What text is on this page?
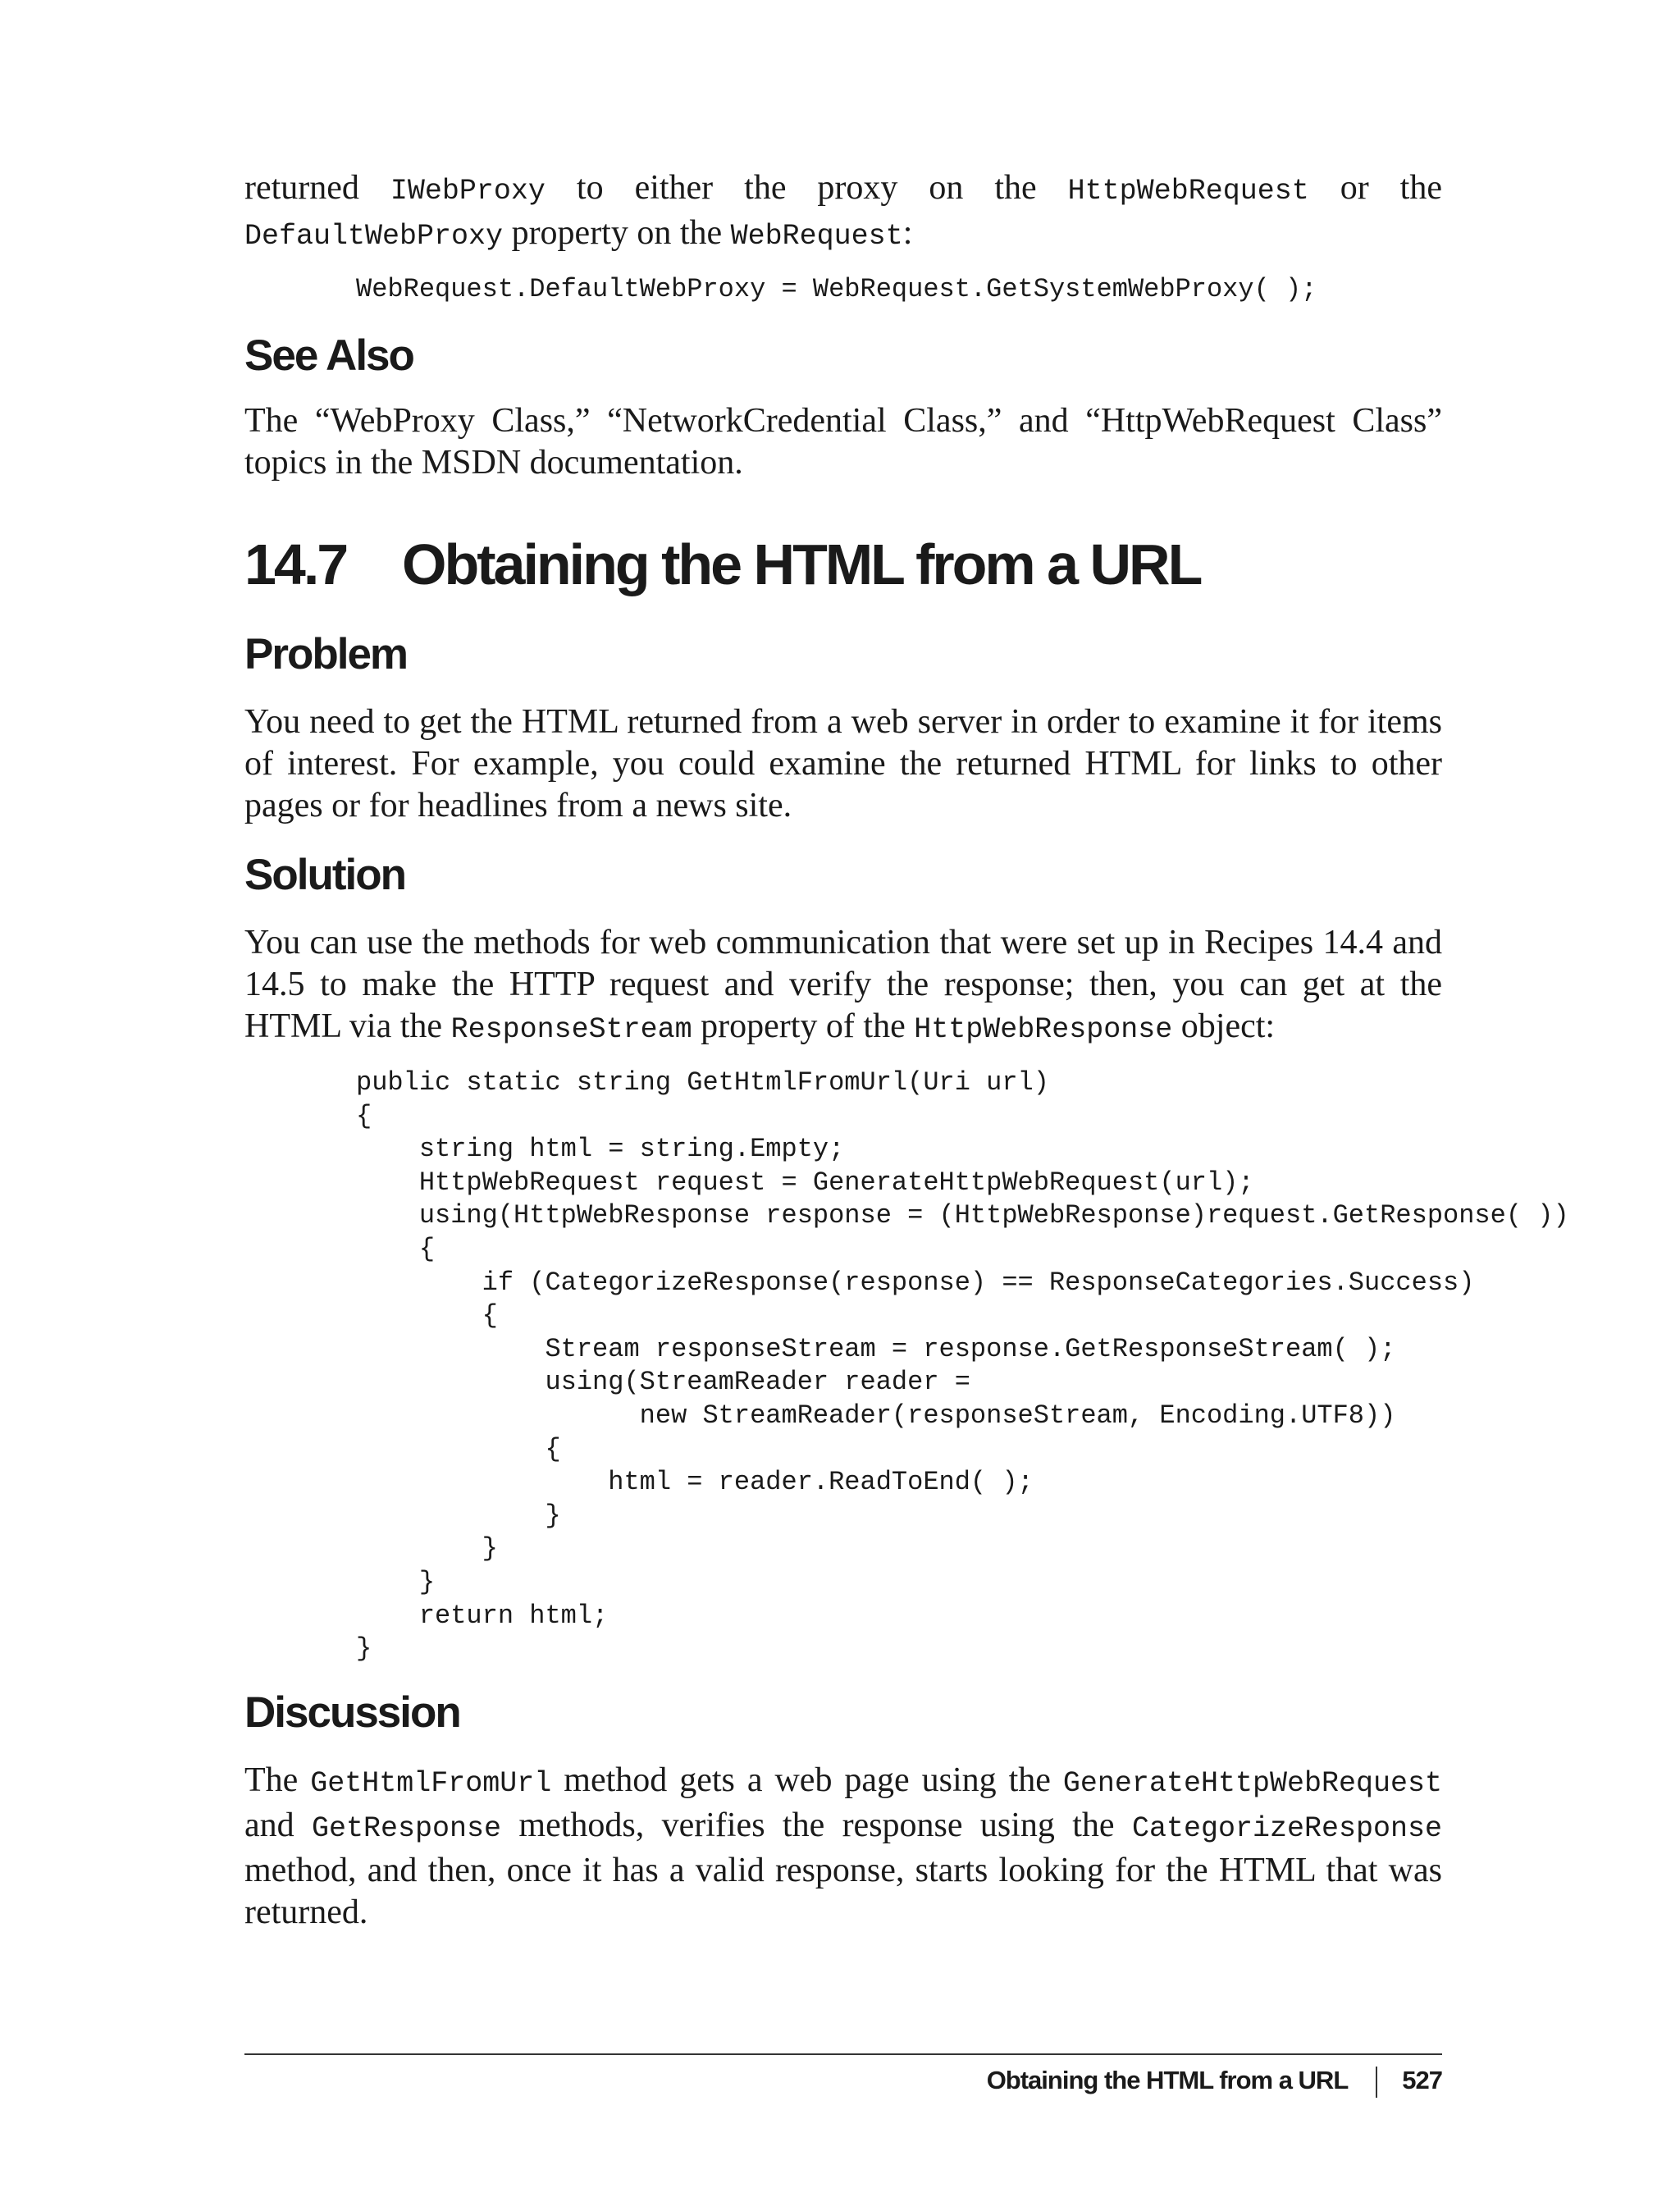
returned IWebProxy to either the proxy on the HttpWebRequest or the DefaultWebProxy property on the WebRequest:

WebRequest.DefaultWebProxy = WebRequest.GetSystemWebProxy( );
See Also

The “WebProxy Class,” “NetworkCredential Class,” and “HttpWebRequest Class” topics in the MSDN documentation.

14.7 Obtaining the HTML from a URL
Problem

You need to get the HTML returned from a web server in order to examine it for items of interest. For example, you could examine the returned HTML for links to other pages or for headlines from a news site.

Solution

You can use the methods for web communication that were set up in Recipes 14.4 and 14.5 to make the HTTP request and verify the response; then, you can get at the HTML via the ResponseStream property of the HttpWebResponse object:

public static string GetHtmlFromUrl(Uri url)
{
string html = string.Empty;
HttpWebRequest request = GenerateHttpWebRequest(url);
using(HttpWebResponse response = (HttpWebResponse)request.GetResponse( ))
{
if (CategorizeResponse(response) == ResponseCategories.Success)
{
Stream responseStream = response.GetResponseStream( );
using(StreamReader reader =
new StreamReader(responseStream, Encoding.UTF8))
{
html = reader.ReadToEnd( );
}
}
}
return html;
}
Discussion

The GetHtmlFromUrl method gets a web page using the GenerateHttpWebRequest and GetResponse methods, verifies the response using the CategorizeResponse method, and then, once it has a valid response, starts looking for the HTML that was returned.

Obtaining the HTML from a URL 527
